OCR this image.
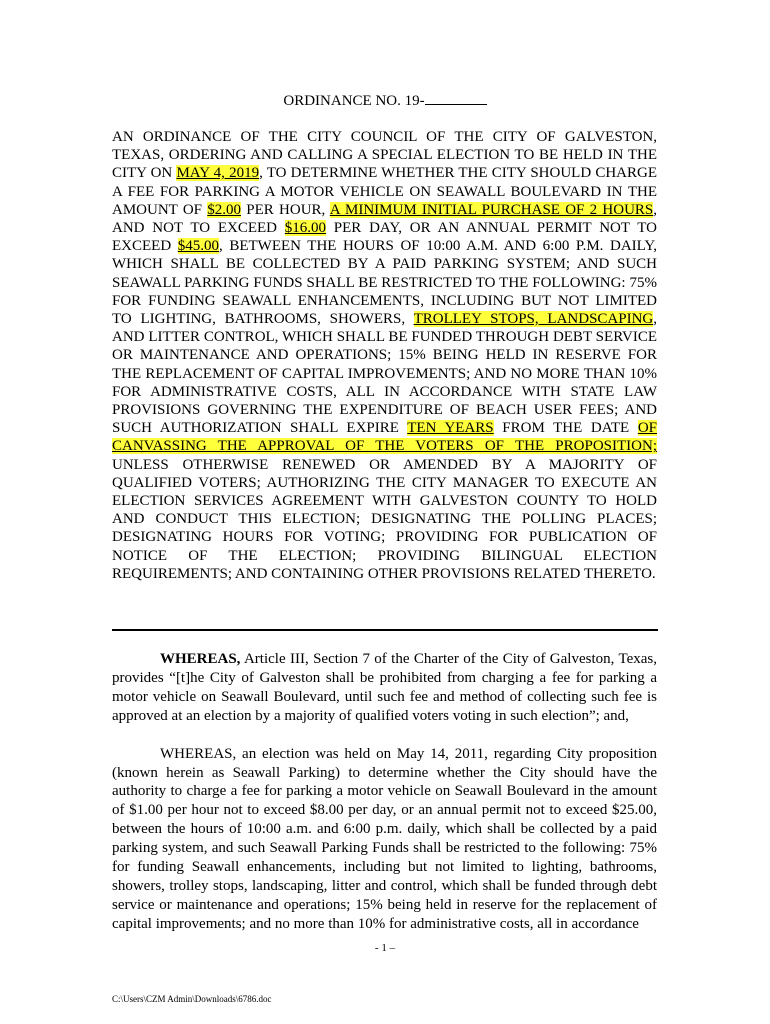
ORDINANCE NO. 19-
AN ORDINANCE OF THE CITY COUNCIL OF THE CITY OF GALVESTON, TEXAS, ORDERING AND CALLING A SPECIAL ELECTION TO BE HELD IN THE CITY ON MAY 4, 2019, TO DETERMINE WHETHER THE CITY SHOULD CHARGE A FEE FOR PARKING A MOTOR VEHICLE ON SEAWALL BOULEVARD IN THE AMOUNT OF $2.00 PER HOUR, A MINIMUM INITIAL PURCHASE OF 2 HOURS, AND NOT TO EXCEED $16.00 PER DAY, OR AN ANNUAL PERMIT NOT TO EXCEED $45.00, BETWEEN THE HOURS OF 10:00 A.M. AND 6:00 P.M. DAILY, WHICH SHALL BE COLLECTED BY A PAID PARKING SYSTEM; AND SUCH SEAWALL PARKING FUNDS SHALL BE RESTRICTED TO THE FOLLOWING: 75% FOR FUNDING SEAWALL ENHANCEMENTS, INCLUDING BUT NOT LIMITED TO LIGHTING, BATHROOMS, SHOWERS, TROLLEY STOPS, LANDSCAPING, AND LITTER CONTROL, WHICH SHALL BE FUNDED THROUGH DEBT SERVICE OR MAINTENANCE AND OPERATIONS; 15% BEING HELD IN RESERVE FOR THE REPLACEMENT OF CAPITAL IMPROVEMENTS; AND NO MORE THAN 10% FOR ADMINISTRATIVE COSTS, ALL IN ACCORDANCE WITH STATE LAW PROVISIONS GOVERNING THE EXPENDITURE OF BEACH USER FEES; AND SUCH AUTHORIZATION SHALL EXPIRE TEN YEARS FROM THE DATE OF CANVASSING THE APPROVAL OF THE VOTERS OF THE PROPOSITION; UNLESS OTHERWISE RENEWED OR AMENDED BY A MAJORITY OF QUALIFIED VOTERS; AUTHORIZING THE CITY MANAGER TO EXECUTE AN ELECTION SERVICES AGREEMENT WITH GALVESTON COUNTY TO HOLD AND CONDUCT THIS ELECTION; DESIGNATING THE POLLING PLACES; DESIGNATING HOURS FOR VOTING; PROVIDING FOR PUBLICATION OF NOTICE OF THE ELECTION; PROVIDING BILINGUAL ELECTION REQUIREMENTS; AND CONTAINING OTHER PROVISIONS RELATED THERETO.

WHEREAS, Article III, Section 7 of the Charter of the City of Galveston, Texas, provides “[t]he City of Galveston shall be prohibited from charging a fee for parking a motor vehicle on Seawall Boulevard, until such fee and method of collecting such fee is approved at an election by a majority of qualified voters voting in such election”; and,

WHEREAS, an election was held on May 14, 2011, regarding City proposition (known herein as Seawall Parking) to determine whether the City should have the authority to charge a fee for parking a motor vehicle on Seawall Boulevard in the amount of $1.00 per hour not to exceed $8.00 per day, or an annual permit not to exceed $25.00, between the hours of 10:00 a.m. and 6:00 p.m. daily, which shall be collected by a paid parking system, and such Seawall Parking Funds shall be restricted to the following: 75% for funding Seawall enhancements, including but not limited to lighting, bathrooms, showers, trolley stops, landscaping, litter and control, which shall be funded through debt service or maintenance and operations; 15% being held in reserve for the replacement of capital improvements; and no more than 10% for administrative costs, all in accordance

- 1 –
C:\Users\CZM Admin\Downloads\6786.doc
